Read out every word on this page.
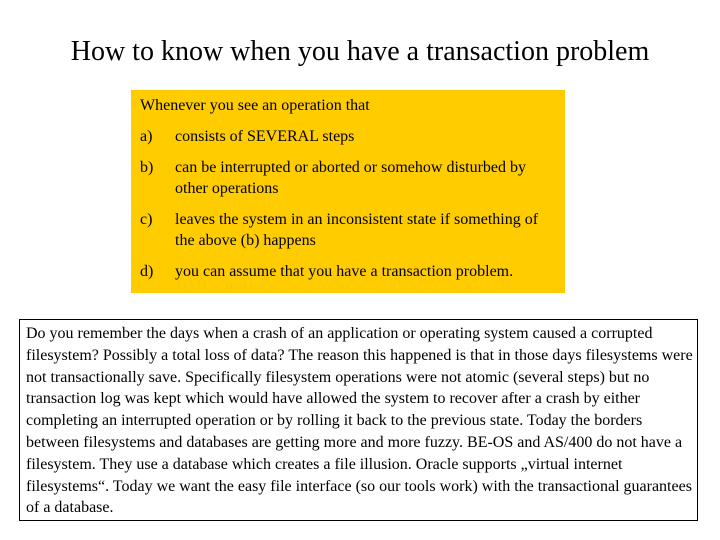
How to know when you have a transaction problem
Whenever you see an operation that
a)	consists of SEVERAL steps
b)	can be interrupted or aborted or somehow disturbed by other operations
c)	leaves the system in an inconsistent state if something of the above (b) happens
d)	you can assume that you have a transaction problem.
Do you remember the days when a crash of an application or operating system caused a corrupted filesystem? Possibly a total loss of data? The reason this happened is that in those days filesystems were not transactionally save. Specifically filesystem operations were not atomic (several steps) but no transaction log was kept which would have allowed the system to recover after a crash by either completing an interrupted operation or by rolling it back to the previous state. Today the borders between filesystems and databases are getting more and more fuzzy. BE-OS and AS/400 do not have a filesystem. They use a database which creates a file illusion. Oracle supports „virtual internet filesystems“. Today we want the easy file interface (so our tools work) with the transactional guarantees of a database.
